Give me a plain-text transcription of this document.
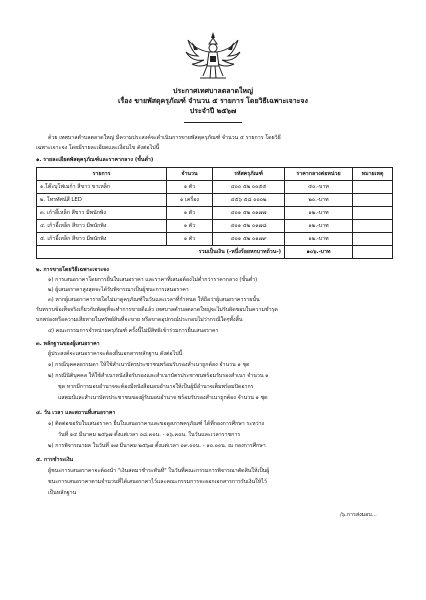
ประกาศเทศบาลตลาดใหญ่
เรื่อง ขายพัสดุครุภัณฑ์ จำนวน ๕ รายการ โดยวิธีเฉพาะเจาะจง
ประจำปี ๒๕๖๗
ด้วย เทศบาลตำบลตลาดใหญ่ มีความประสงค์จะดำเนินการขายพัสดุครุภัณฑ์ จำนวน ๕ รายการ โดยวิธี
เฉพาะเจาะจง โดยมีรายละเอียดและเงื่อนไข ดังต่อไปนี้
๑. รายละเอียดพัสดุครุภัณฑ์และราคากลาง (ขั้นต่ำ)
รายการ	จำนวน	รหัสครุภัณฑ์	ราคากลางต่อหน่วย	หมายเหตุ
๑.โต๊ะบุโฟเมก้า สีขาว ขาเหล็ก	๑ ตัว	๔๐๐ ๕๒ ๐๐๕๕	๕๐.-บาท	
๒. โทรทัศน์สี LED	๑ เครื่อง	๔๕๖ ๕๘ ๐๐๐๒	๒๐.-บาท	
๓. เก้าอี้เหล็ก สีขาว มีพนักพิง	๑ ตัว	๔๐๑ ๕๒ ๐๑๗๗	๑๒.-บาท	
๔. เก้าอี้เหล็ก สีขาว มีพนักพิง	๑ ตัว	๔๐๑ ๕๒ ๐๑๗๘	๑๒.-บาท	
๕. เก้าอี้เหล็ก สีขาว มีพนักพิง	๑ ตัว	๔๐๑ ๕๒ ๐๑๗๙	๑๒.-บาท	
รวมเป็นเงิน (-หนึ่งร้อยหกบาทถ้วน-)			๑๐๖.-บาท	
๒. การขายโดยวิธีเฉพาะเจาะจง
๑) การเสนอราคาโดยการยื่นใบเสนอราคา และราคาที่เสนอต้องไม่ต่ำกว่าราคากลาง (ขั้นต่ำ)
๒) ผู้เสนอราคาสูงสุดจะได้รับพิจารณาเป็นผู้ชนะการเสนอราคา
๓) หากผู้เสนอราคารายใดไม่มาดูครุภัณฑ์ในวันและเวลาที่กำหนด ให้ถือว่าผู้เสนอราคารายนั้น
รับทราบข้อเท็จจริงเกี่ยวกับพัสดุที่จะทำการขายดีแล้ว เทศบาลตำบลตลาดใหญ่จะไม่รับผิดชอบในความชำรุด
บกพร่องหรือความเสียหายในทรัพย์สินที่จะขาย หรือขาดอุปกรณ์ประกอบไม่ว่ากรณีใดๆทั้งสิ้น
๔) คณะกรรมการจำหน่ายครุภัณฑ์ ครั้งนี้ไม่มีสิทธิเข้าร่วมการยื่นเสนอราคา
๓. หลักฐานของผู้เสนอราคา
ผู้ประสงค์จะเสนอราคาจะต้องยื่นเอกสารหลักฐาน ดังต่อไปนี้
๑) กรณีบุคคลธรรมดา ให้ใช้สำเนาบัตรประชาชนพร้อมรับรองสำเนาถูกต้อง จำนวน ๑ ชุด
๒) กรณีนิติบุคคล ให้ใช้สำเนาหนังสือรับรองและสำเนาบัตรประชาชนพร้อมรับรองสำเนา จำนวน ๑
ชุด หากมีการมอบอำนาจจะต้องมีหนังสือมอบอำนาจให้เป็นผู้มีอำนาจเต็มพร้อมปิดอากร
แสตมป์และสำเนาบัตรประชาชนของผู้รับมอบอำนาจ พร้อมรับรองสำเนาถูกต้อง จำนวน ๑ ชุด
๔. วัน เวลา และสถานที่เสนอราคา
๑) ติดต่อขอรับใบเสนอราคา ยื่นใบเสนอราคาและขอดูสภาพครุภัณฑ์ ได้ที่กองการศึกษา ระหว่าง
วันที่ ๑๔ มีนาคม ๒๕๖๗ ตั้งแต่เวลา ๐๘.๓๐น. - ๑๖.๓๐น. ในวันและเวลาราชการ
๒) การพิจารณาผล ในวันที่ ๑๗ มีนาคม ๒๕๖๗ ตั้งแต่เวลา ๐๙.๐๐น. - ๑๐.๐๐น. ณ กองการศึกษา
๕. การชำระเงิน
ผู้ชนะการเสนอราคาจะต้องนำ "เงินสดมาชำระทันที" ในวันที่คณะกรรมการพิจารณาตัดสินให้เป็นผู้
ชนะการเสนอราคาตามจำนวนที่ได้เสนอราคาไว้และคณะกรรมการจะออกเอกสารการรับเงินให้ไว้
เป็นหลักฐาน
/๖.การส่งมอบ...
